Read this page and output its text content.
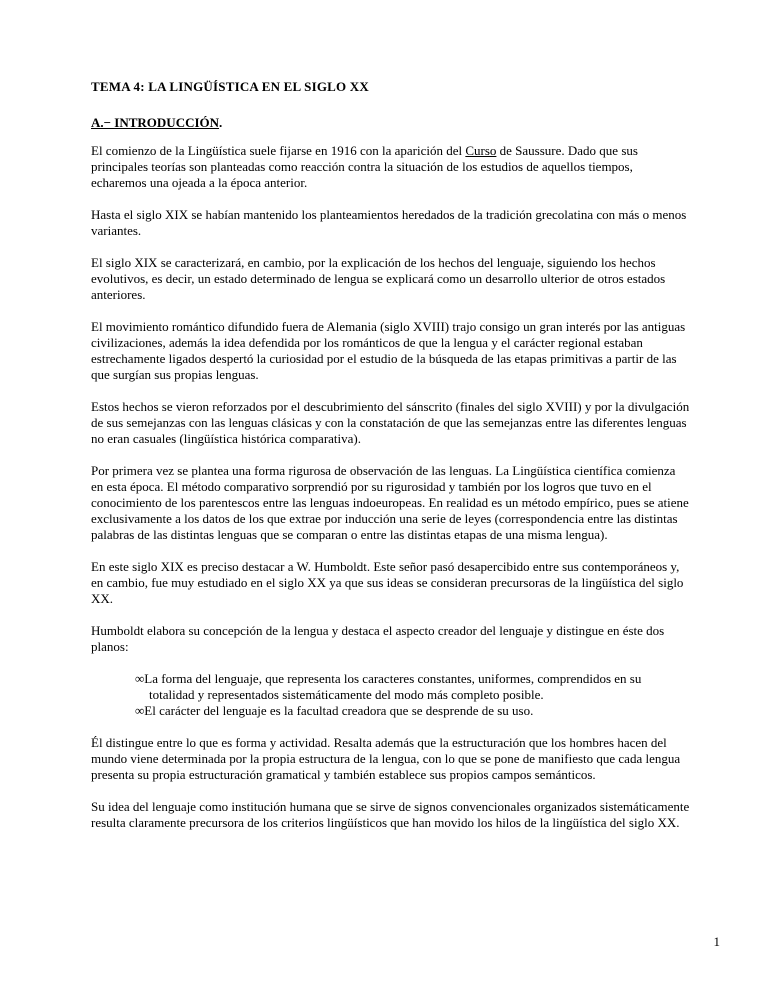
TEMA 4: LA LINGÜÍSTICA EN EL SIGLO XX
A.− INTRODUCCIÓN.

El comienzo de la Lingüística suele fijarse en 1916 con la aparición del Curso de Saussure. Dado que sus principales teorías son planteadas como reacción contra la situación de los estudios de aquellos tiempos, echaremos una ojeada a la época anterior.

Hasta el siglo XIX se habían mantenido los planteamientos heredados de la tradición grecolatina con más o menos variantes.

El siglo XIX se caracterizará, en cambio, por la explicación de los hechos del lenguaje, siguiendo los hechos evolutivos, es decir, un estado determinado de lengua se explicará como un desarrollo ulterior de otros estados anteriores.

El movimiento romántico difundido fuera de Alemania (siglo XVIII) trajo consigo un gran interés por las antiguas civilizaciones, además la idea defendida por los románticos de que la lengua y el carácter regional estaban estrechamente ligados despertó la curiosidad por el estudio de la búsqueda de las etapas primitivas a partir de las que surgían sus propias lenguas.

Estos hechos se vieron reforzados por el descubrimiento del sánscrito (finales del siglo XVIII) y por la divulgación de sus semejanzas con las lenguas clásicas y con la constatación de que las semejanzas entre las diferentes lenguas no eran casuales (lingüística histórica comparativa).

Por primera vez se plantea una forma rigurosa de observación de las lenguas. La Lingüística científica comienza en esta época. El método comparativo sorprendió por su rigurosidad y también por los logros que tuvo en el conocimiento de los parentescos entre las lenguas indoeuropeas. En realidad es un método empírico, pues se atiene exclusivamente a los datos de los que extrae por inducción una serie de leyes (correspondencia entre las distintas palabras de las distintas lenguas que se comparan o entre las distintas etapas de una misma lengua).

En este siglo XIX es preciso destacar a W. Humboldt. Este señor pasó desapercibido entre sus contemporáneos y, en cambio, fue muy estudiado en el siglo XX ya que sus ideas se consideran precursoras de la lingüística del siglo XX.

Humboldt elabora su concepción de la lengua y destaca el aspecto creador del lenguaje y distingue en éste dos planos:

∞La forma del lenguaje, que representa los caracteres constantes, uniformes, comprendidos en su totalidad y representados sistemáticamente del modo más completo posible.
∞El carácter del lenguaje es la facultad creadora que se desprende de su uso.

Él distingue entre lo que es forma y actividad. Resalta además que la estructuración que los hombres hacen del mundo viene determinada por la propia estructura de la lengua, con lo que se pone de manifiesto que cada lengua presenta su propia estructuración gramatical y también establece sus propios campos semánticos.

Su idea del lenguaje como institución humana que se sirve de signos convencionales organizados sistemáticamente resulta claramente precursora de los criterios lingüísticos que han movido los hilos de la lingüística del siglo XX.

1
